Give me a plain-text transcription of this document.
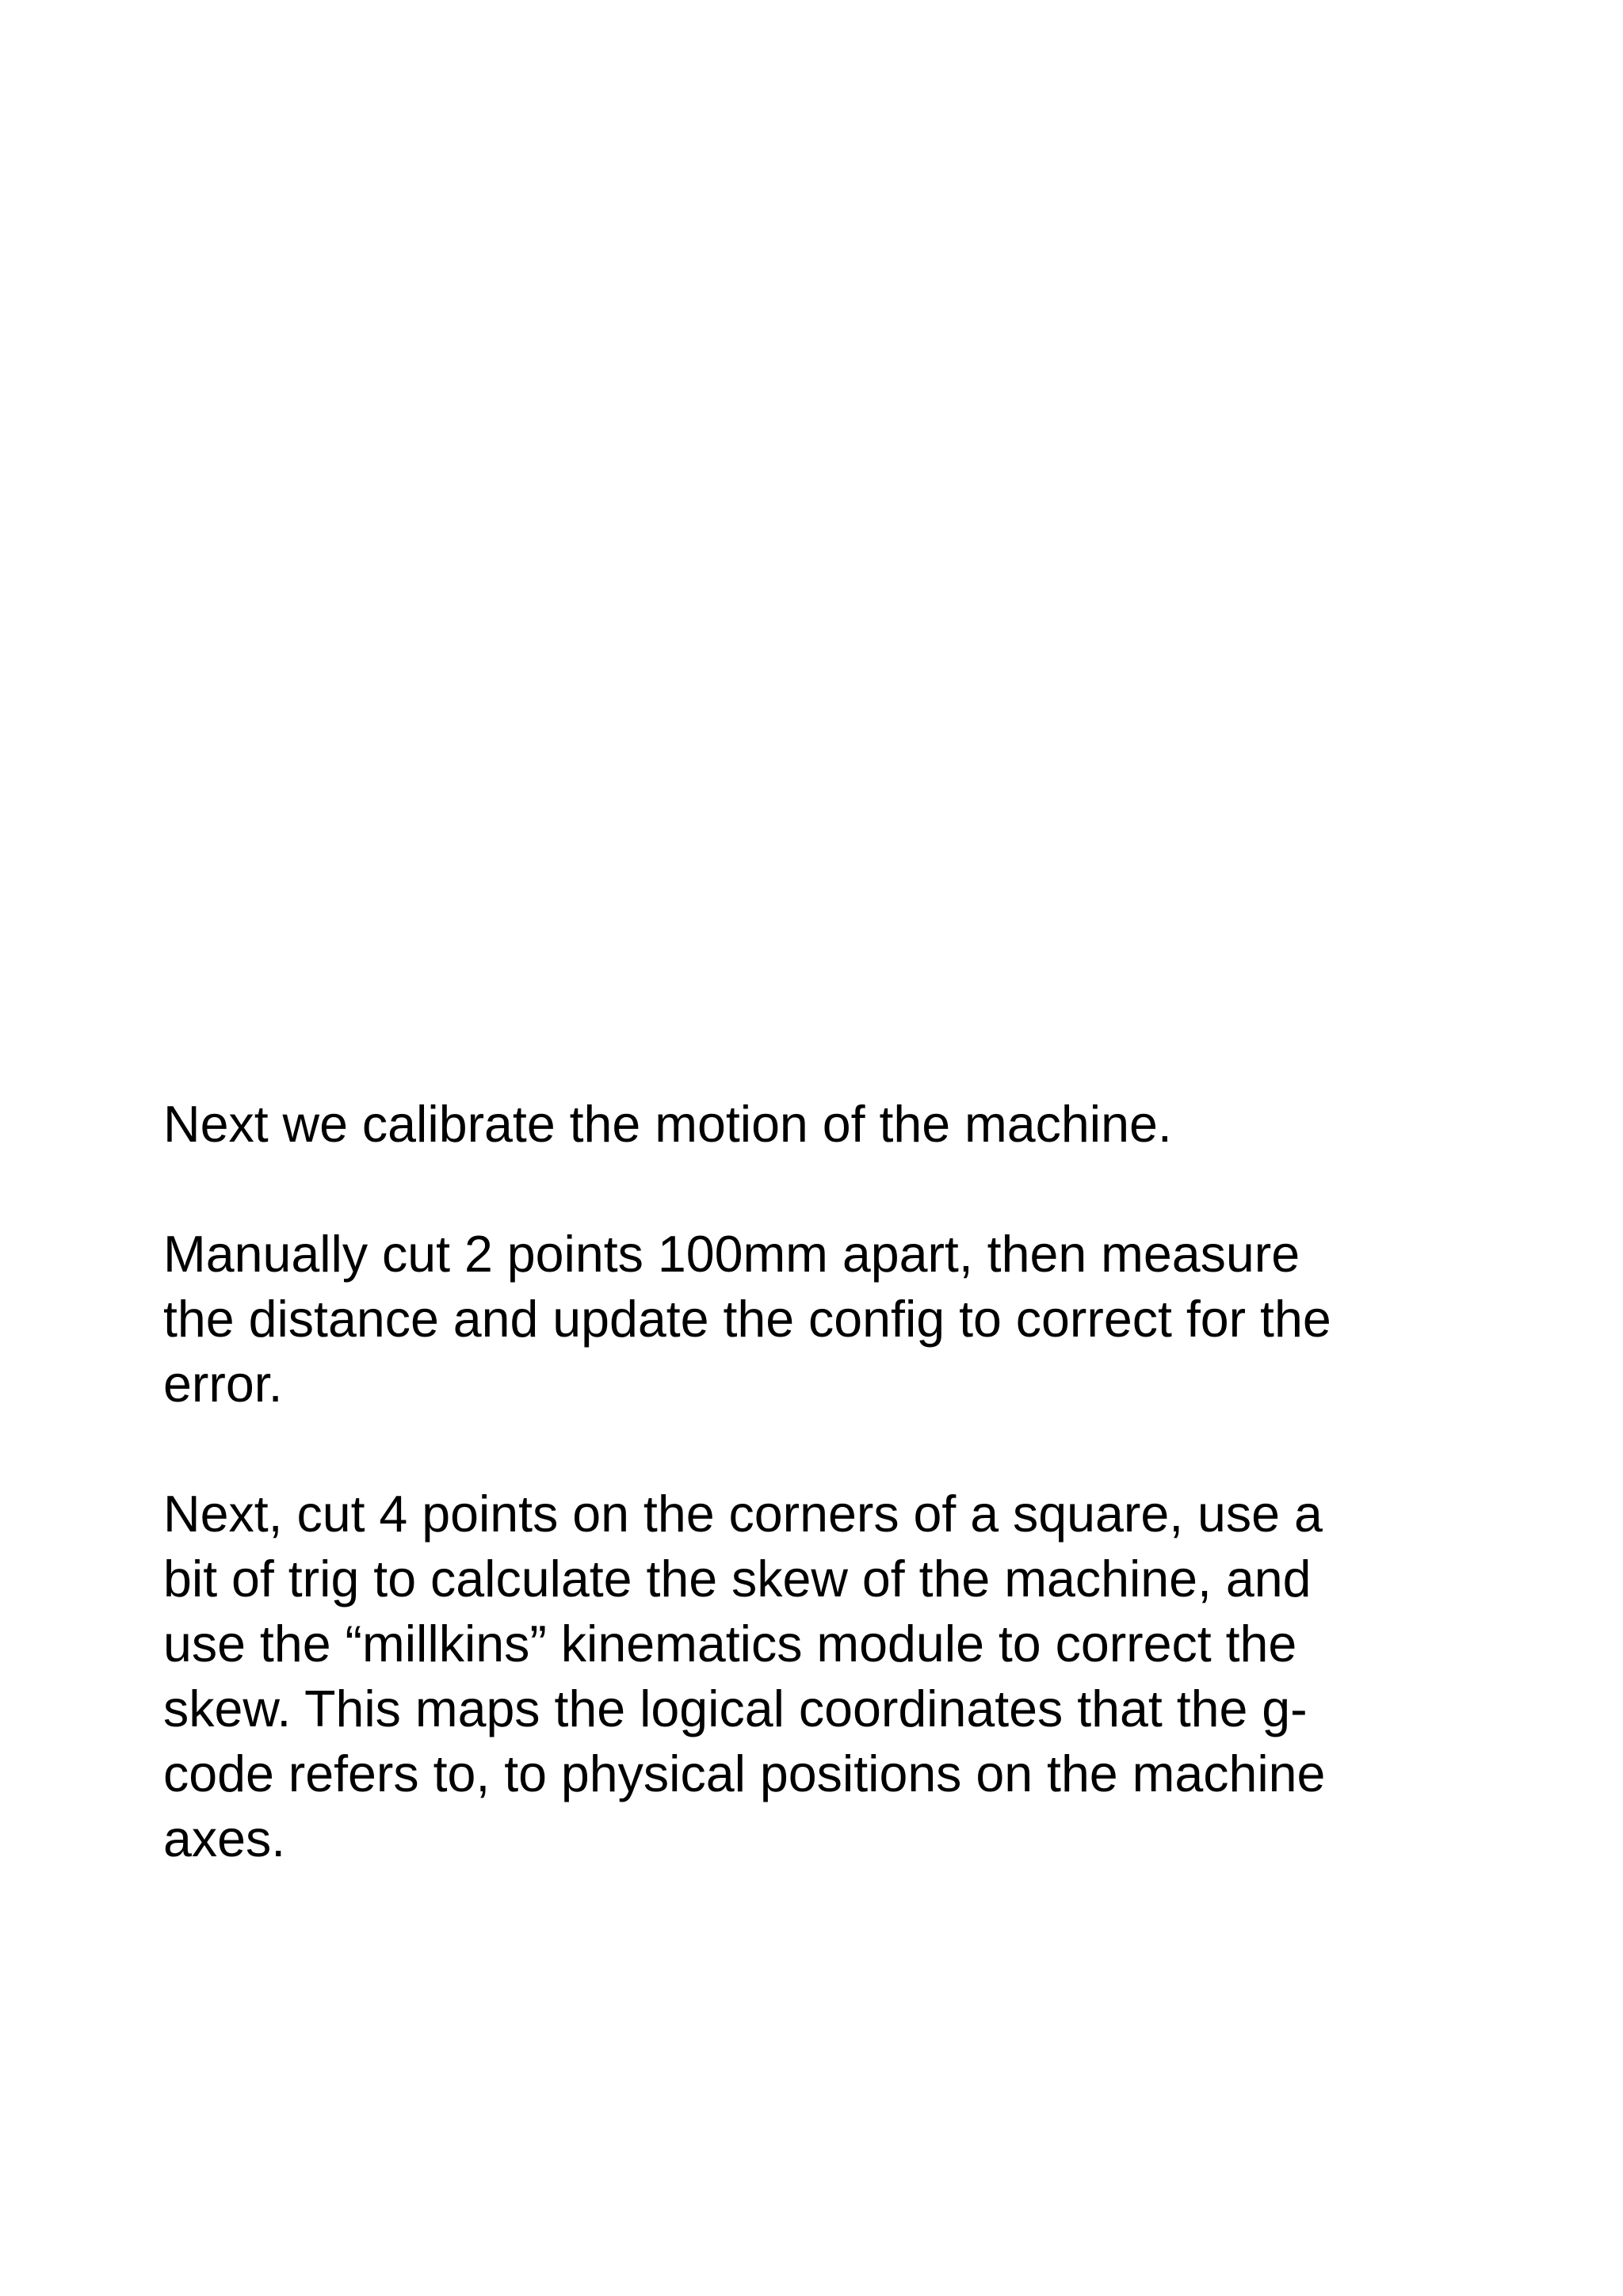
Next we calibrate the motion of the machine.

Manually cut 2 points 100mm apart, then measure
the distance and update the config to correct for the
error.

Next, cut 4 points on the corners of a square, use a
bit of trig to calculate the skew of the machine, and
use the “millkins” kinematics module to correct the
skew. This maps the logical coordinates that the g-
code refers to, to physical positions on the machine
axes.
